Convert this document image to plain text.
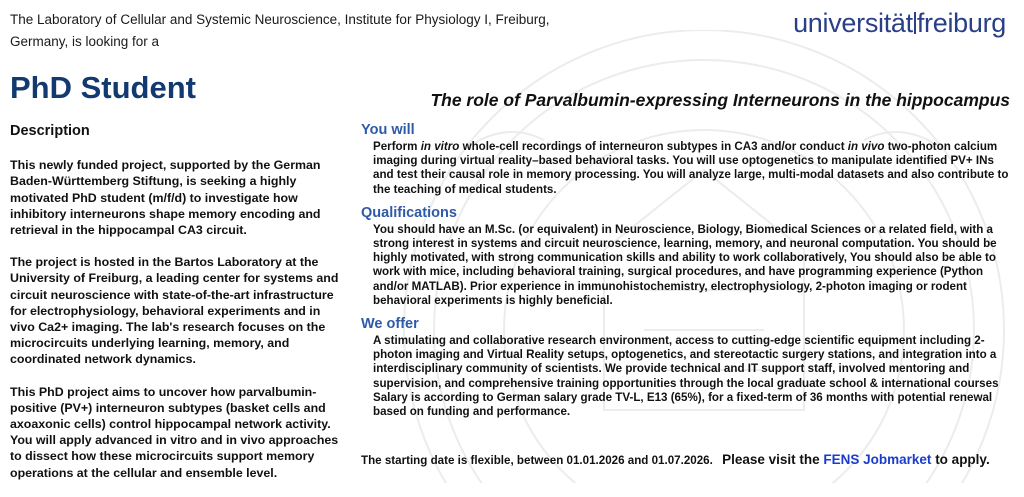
The Laboratory of Cellular and Systemic Neuroscience, Institute for Physiology I, Freiburg,
Germany, is looking for a
universität freiburg
PhD Student	The role of Parvalbumin-expressing Interneurons in the hippocampus
Description

This newly funded project, supported by the German Baden-Württemberg Stiftung, is seeking a highly motivated PhD student (m/f/d) to investigate how inhibitory interneurons shape memory encoding and retrieval in the hippocampal CA3 circuit.

The project is hosted in the Bartos Laboratory at the University of Freiburg, a leading center for systems and circuit neuroscience with state-of-the-art infrastructure for electrophysiology, behavioral experiments and in vivo Ca2+ imaging. The lab's research focuses on the microcircuits underlying learning, memory, and coordinated network dynamics.

This PhD project aims to uncover how parvalbumin-positive (PV+) interneuron subtypes (basket cells and axoaxonic cells) control hippocampal network activity. You will apply advanced in vitro and in vivo approaches to dissect how these microcircuits support memory operations at the cellular and ensemble level.

You will
Perform in vitro whole-cell recordings of interneuron subtypes in CA3 and/or conduct in vivo two-photon calcium imaging during virtual reality–based behavioral tasks. You will use optogenetics to manipulate identified PV+ INs and test their causal role in memory processing. You will analyze large, multi-modal datasets and also contribute to the teaching of medical students.
Qualifications
You should have an M.Sc. (or equivalent) in Neuroscience, Biology, Biomedical Sciences or a related field, with a strong interest in systems and circuit neuroscience, learning, memory, and neuronal computation. You should be highly motivated, with strong communication skills and ability to work collaboratively, You should also be able to work with mice, including behavioral training, surgical procedures, and have programming experience (Python and/or MATLAB). Prior experience in immunohistochemistry, electrophysiology, 2-photon imaging or rodent behavioral experiments is highly beneficial.
We offer
A stimulating and collaborative research environment, access to cutting-edge scientific equipment including 2-photon imaging and Virtual Reality setups, optogenetics, and stereotactic surgery stations, and integration into a interdisciplinary community of scientists. We provide technical and IT support staff, involved mentoring and supervision, and comprehensive training opportunities through the local graduate school & international courses Salary is according to German salary grade TV-L, E13 (65%), for a fixed-term of 36 months with potential renewal based on funding and performance.
The starting date is flexible, between 01.01.2026 and 01.07.2026. Please visit the FENS Jobmarket to apply.
